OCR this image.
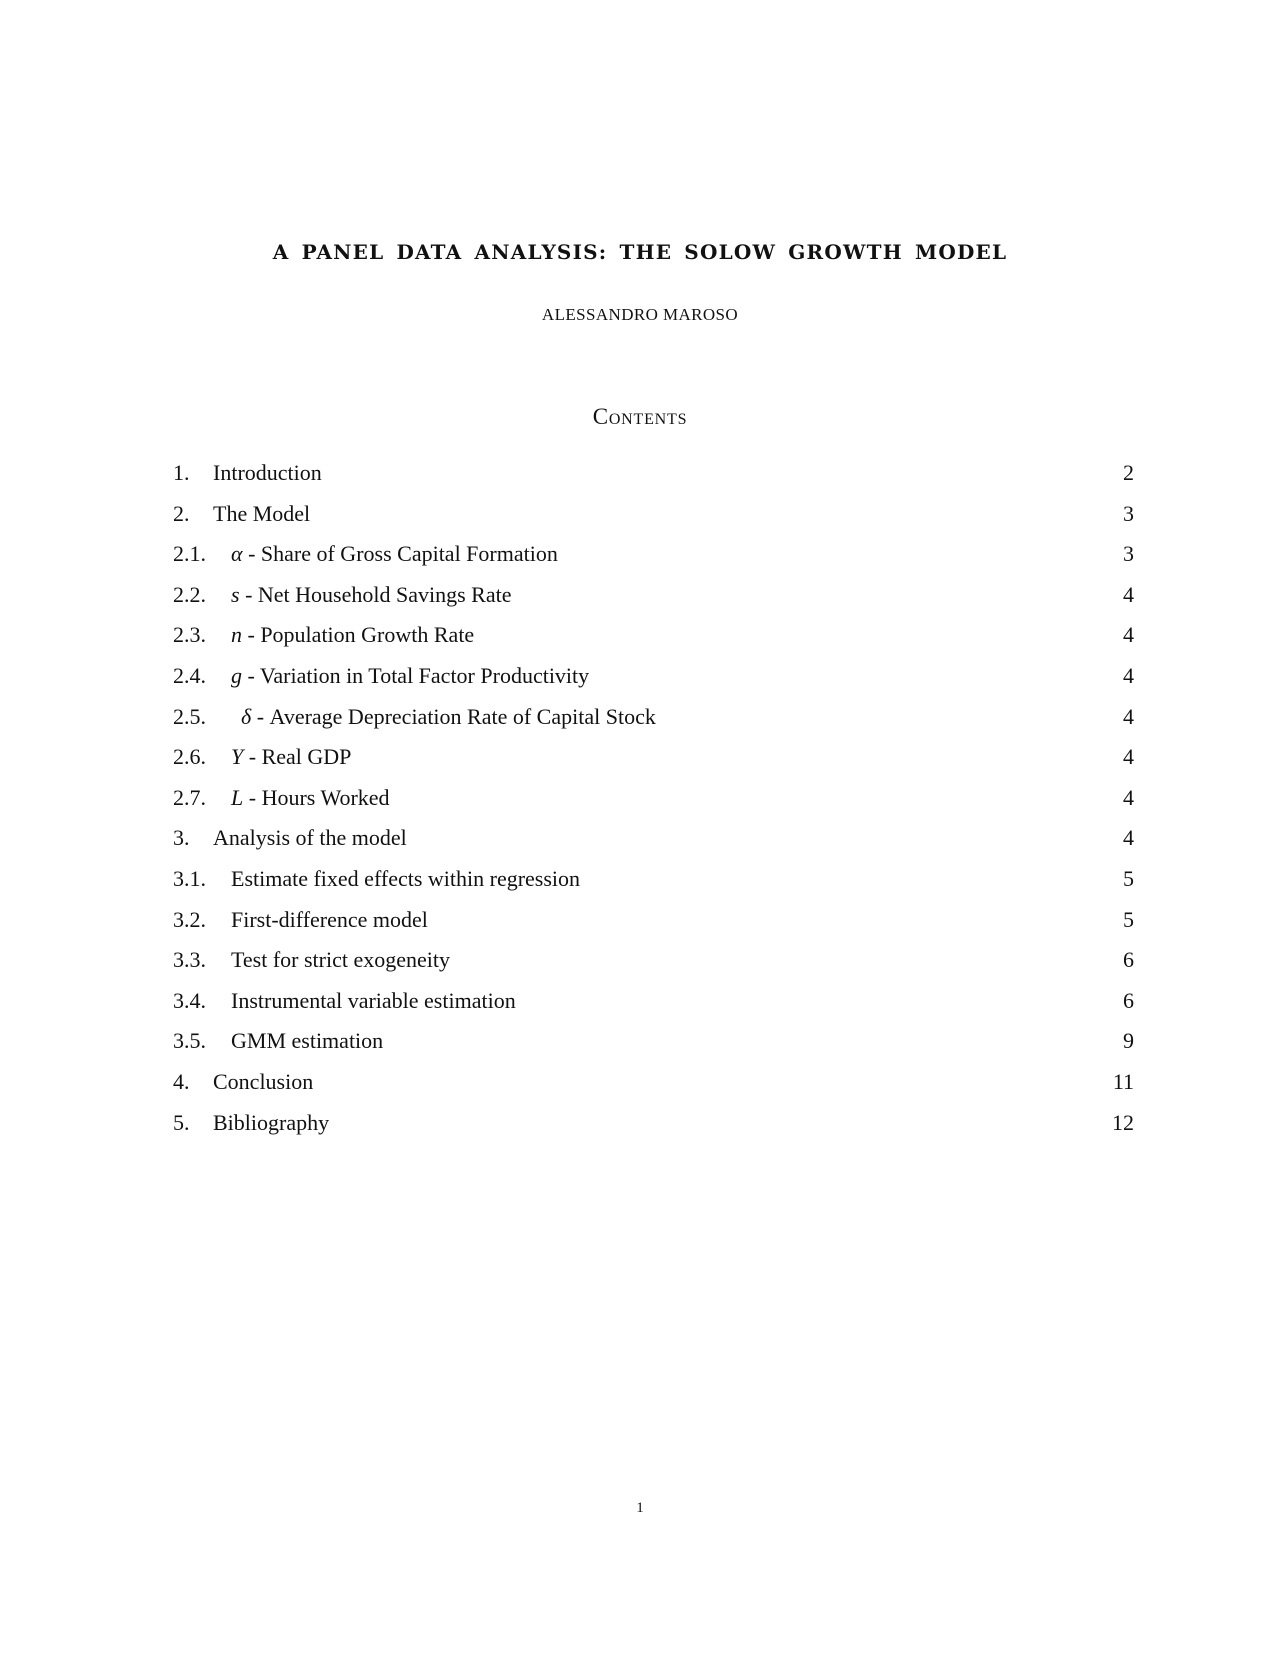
A PANEL DATA ANALYSIS: THE SOLOW GROWTH MODEL
ALESSANDRO MAROSO
Contents
1. Introduction	2
2. The Model	3
2.1. α - Share of Gross Capital Formation	3
2.2. s - Net Household Savings Rate	4
2.3. n - Population Growth Rate	4
2.4. g - Variation in Total Factor Productivity	4
2.5. δ - Average Depreciation Rate of Capital Stock	4
2.6. Y - Real GDP	4
2.7. L - Hours Worked	4
3. Analysis of the model	4
3.1. Estimate fixed effects within regression	5
3.2. First-difference model	5
3.3. Test for strict exogeneity	6
3.4. Instrumental variable estimation	6
3.5. GMM estimation	9
4. Conclusion	11
5. Bibliography	12
1
